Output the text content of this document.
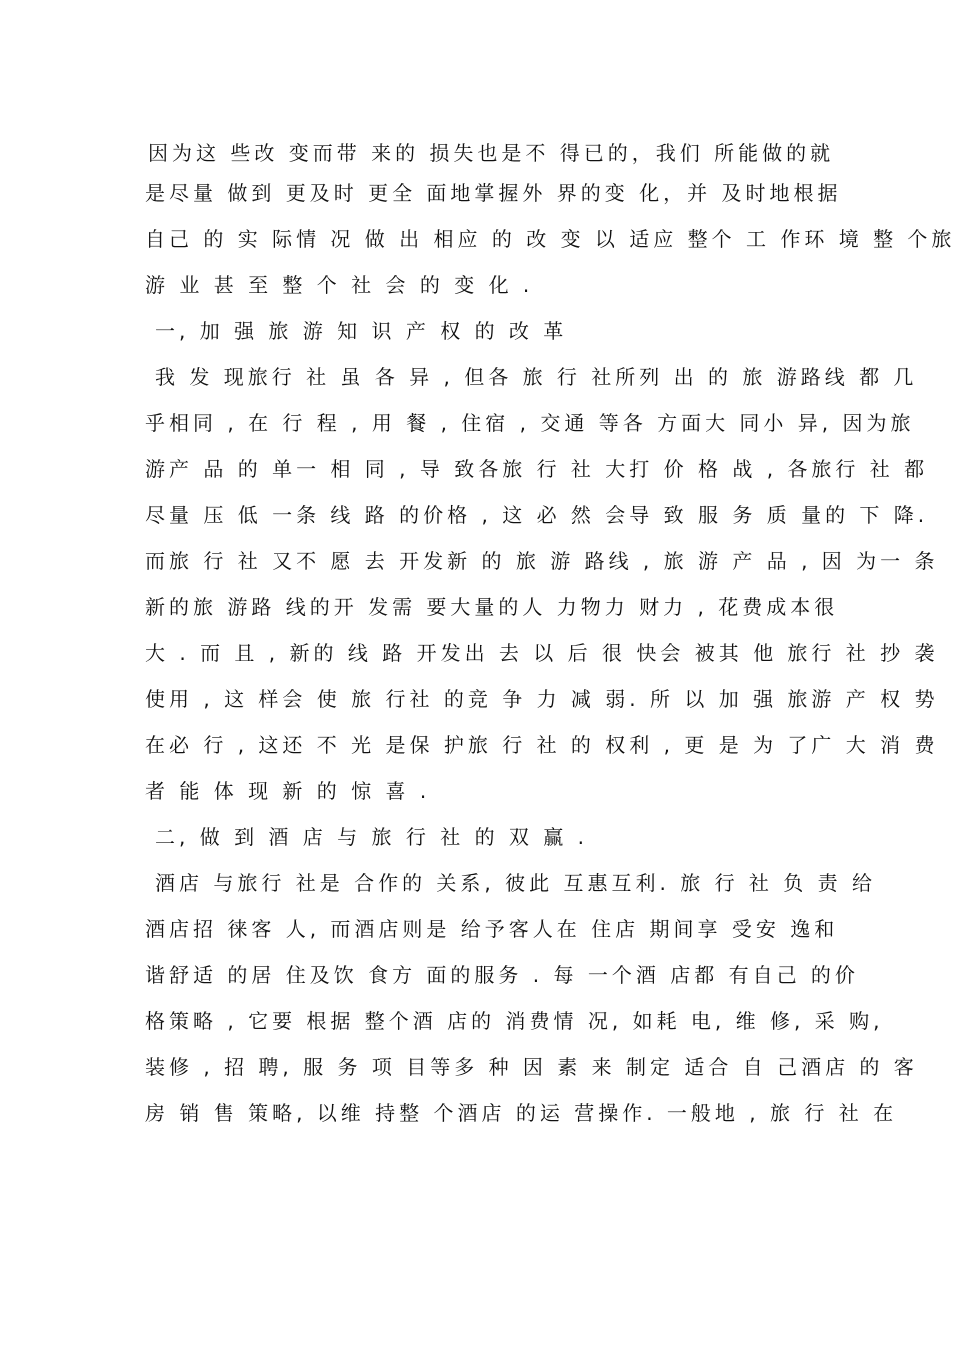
因为这 些改 变而带 来的 损失也是不 得已的，我们 所能做的就
是尽量 做到 更及时 更全 面地掌握外 界的变 化，并 及时地根据
自己 的 实 际情 况 做 出 相应 的 改 变 以 适应 整个 工 作环 境 整 个旅
游 业 甚 至 整 个 社 会 的 变 化 .
一, 加 强 旅 游 知 识 产 权 的 改 革
我 发 现旅行 社 虽 各 异 , 但各 旅 行 社所列 出 的 旅 游路线 都 几
乎相同 , 在 行 程 , 用 餐 , 住宿 , 交通 等各 方面大 同小 异, 因为旅
游产 品 的 单一 相 同 , 导 致各旅 行 社 大打 价 格 战 , 各旅行 社 都
尽量 压 低 一条 线 路 的价格 , 这 必 然 会导 致 服 务 质 量的 下 降.
而旅 行 社 又不 愿 去 开发新 的 旅 游 路线 , 旅 游 产 品 , 因 为一 条
新的旅 游路 线的开 发需 要大量的人 力物力 财力 , 花费成本很
大 . 而 且 , 新的 线 路 开发出 去 以 后 很 快会 被其 他 旅行 社 抄 袭
使用 , 这 样会 使 旅 行社 的竞 争 力 减 弱. 所 以 加 强 旅游 产 权 势
在必 行 , 这还 不 光 是保 护旅 行 社 的 权利 , 更 是 为 了广 大 消 费
者 能 体 现 新 的 惊 喜 .
二, 做 到 酒 店 与 旅 行 社 的 双 赢 .
酒店 与旅行 社是 合作的 关系, 彼此 互惠互利. 旅 行 社 负 责 给
酒店招 徕客 人, 而酒店则是 给予客人在 住店 期间享 受安 逸和
谐舒适 的居 住及饮 食方 面的服务 . 每 一个酒 店都 有自己 的价
格策略 , 它要 根据 整个酒 店的 消费情 况, 如耗 电, 维 修, 采 购,
装修 , 招 聘, 服 务 项 目等多 种 因 素 来 制定 适合 自 己酒店 的 客
房 销 售 策略, 以维 持整 个酒店 的运 营操作. 一般地 , 旅 行 社 在
